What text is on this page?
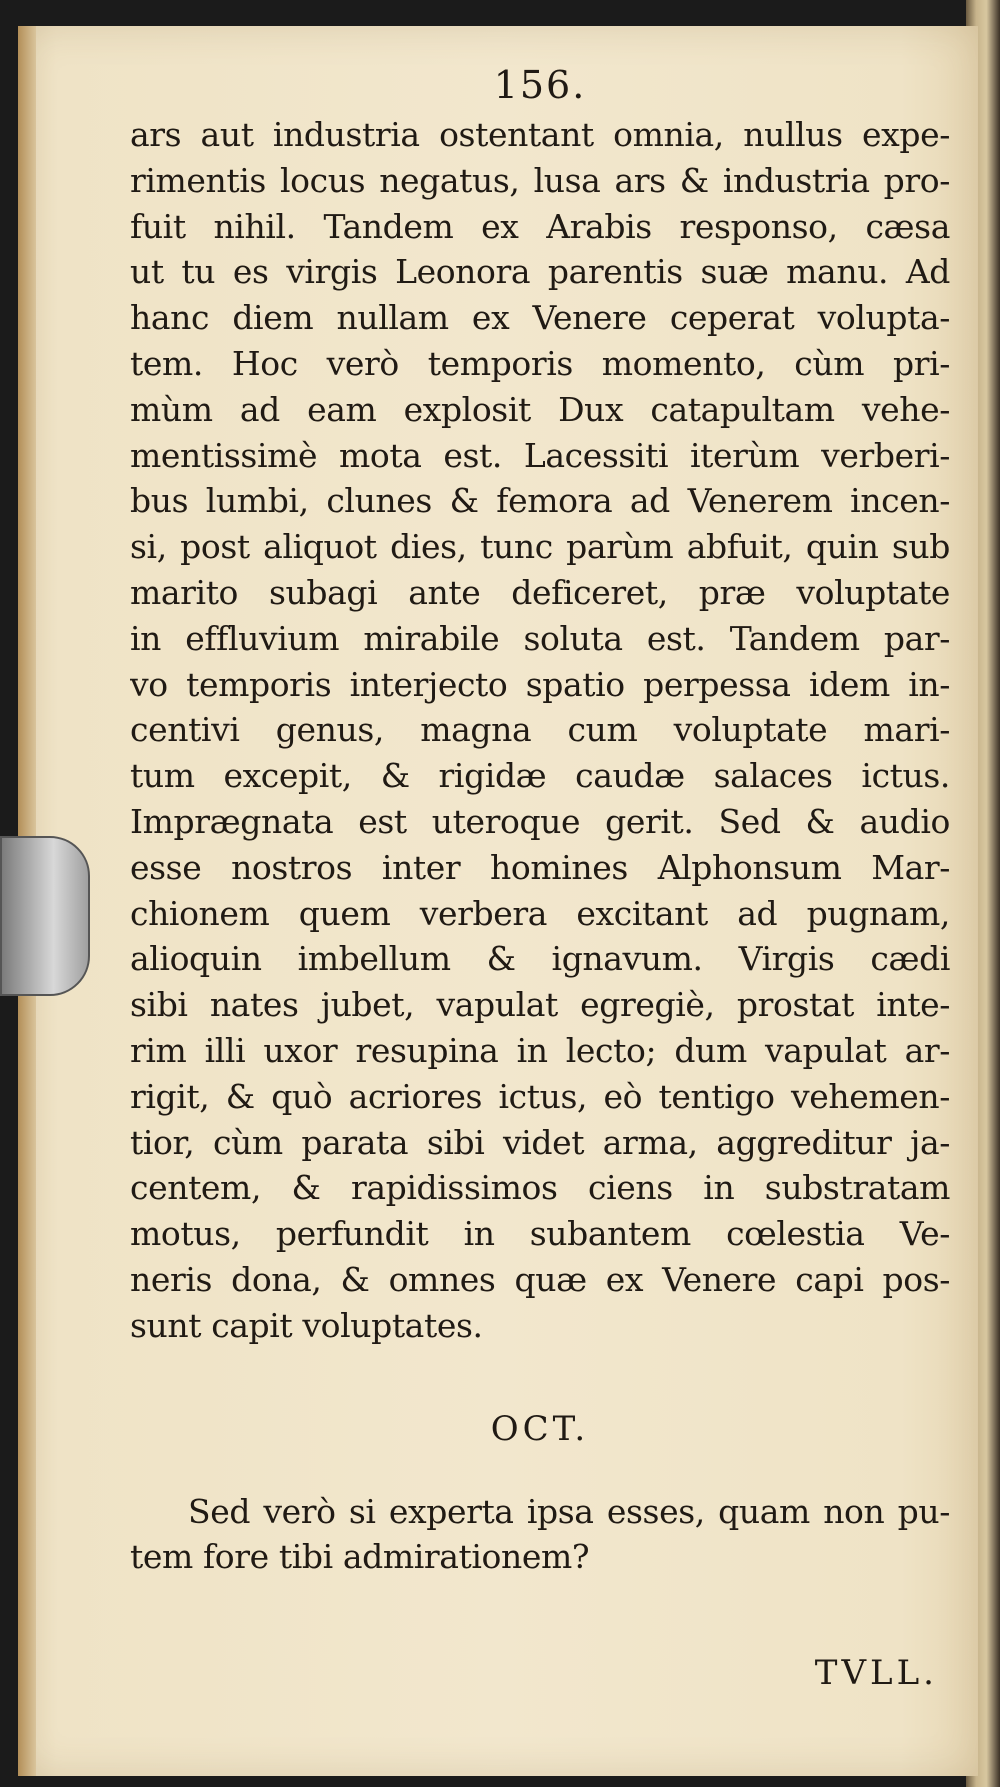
156.
ars aut industria ostentant omnia, nullus expe-
rimentis locus negatus, lusa ars & industria pro-
fuit nihil. Tandem ex Arabis responso, cæsa
ut tu es virgis Leonora parentis suæ manu. Ad
hanc diem nullam ex Venere ceperat volupta-
tem. Hoc verò temporis momento, cùm pri-
mùm ad eam explosit Dux catapultam vehe-
mentissimè mota est. Lacessiti iterùm verberi-
bus lumbi, clunes & femora ad Venerem incen-
si, post aliquot dies, tunc parùm abfuit, quin sub
marito subagi ante deficeret, præ voluptate
in effluvium mirabile soluta est. Tandem par-
vo temporis interjecto spatio perpessa idem in-
centivi genus, magna cum voluptate mari-
tum excepit, & rigidæ caudæ salaces ictus.
Imprægnata est uteroque gerit. Sed & audio
esse nostros inter homines Alphonsum Mar-
chionem quem verbera excitant ad pugnam,
alioquin imbellum & ignavum. Virgis cædi
sibi nates jubet, vapulat egregiè, prostat inte-
rim illi uxor resupina in lecto; dum vapulat ar-
rigit, & quò acriores ictus, eò tentigo vehemen-
tior, cùm parata sibi videt arma, aggreditur ja-
centem, & rapidissimos ciens in substratam
motus, perfundit in subantem cœlestia Ve-
neris dona, & omnes quæ ex Venere capi pos-
sunt capit voluptates.
OCT.
Sed verò si experta ipsa esses, quam non pu-
tem fore tibi admirationem?
TVLL.
